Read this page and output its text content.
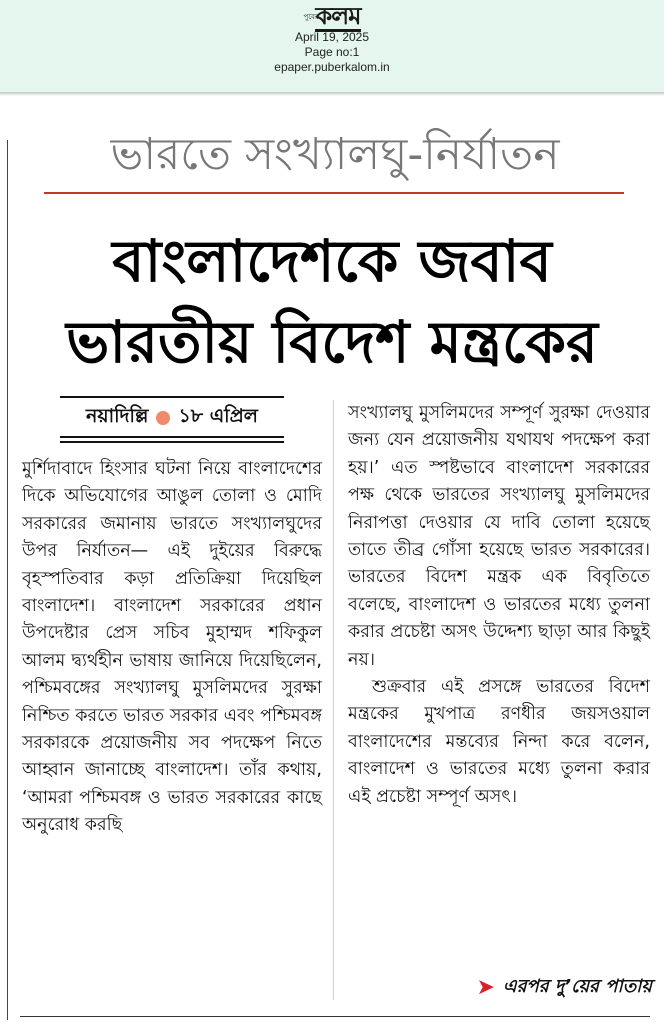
পুবের
কলম
April 19, 2025
Page no:1
epaper.puberkalom.in
ভারতে সংখ্যালঘু-নির্যাতন
বাংলাদেশকে জবাব
ভারতীয় বিদেশ মন্ত্রকের
নয়াদিল্লি ১৮ এপ্রিল

মুর্শিদাবাদে হিংসার ঘটনা নিয়ে বাংলাদেশের দিকে অভিযোগের আঙুল তোলা ও মোদি সরকারের জমানায় ভারতে সংখ্যালঘুদের উপর নির্যাতন— এই দুইয়ের বিরুদ্ধে বৃহস্পতিবার কড়া প্রতিক্রিয়া দিয়েছিল বাংলাদেশ। বাংলাদেশ সরকারের প্রধান উপদেষ্টার প্রেস সচিব মুহাম্মদ শফিকুল আলম দ্ব্যর্থহীন ভাষায় জানিয়ে দিয়েছিলেন, পশ্চিমবঙ্গের সংখ্যালঘু মুসলিমদের সুরক্ষা নিশ্চিত করতে ভারত সরকার এবং পশ্চিমবঙ্গ সরকারকে প্রয়োজনীয় সব পদক্ষেপ নিতে আহ্বান জানাচ্ছে বাংলাদেশ। তাঁর কথায়, ‘আমরা পশ্চিমবঙ্গ ও ভারত সরকারের কাছে অনুরোধ করছি

সংখ্যালঘু মুসলিমদের সম্পূর্ণ সুরক্ষা দেওয়ার জন্য যেন প্রয়োজনীয় যথাযথ পদক্ষেপ করা হয়।’ এত স্পষ্টভাবে বাংলাদেশ সরকারের পক্ষ থেকে ভারতের সংখ্যালঘু মুসলিমদের নিরাপত্তা দেওয়ার যে দাবি তোলা হয়েছে তাতে তীব্র গোঁসা হয়েছে ভারত সরকারের। ভারতের বিদেশ মন্ত্রক এক বিবৃতিতে বলেছে, বাংলাদেশ ও ভারতের মধ্যে তুলনা করার প্রচেষ্টা অসৎ উদ্দেশ্য ছাড়া আর কিছুই নয়।

শুক্রবার এই প্রসঙ্গে ভারতের বিদেশ মন্ত্রকের মুখপাত্র রণধীর জয়সওয়াল বাংলাদেশের মন্তব্যের নিন্দা করে বলেন, বাংলাদেশ ও ভারতের মধ্যে তুলনা করার এই প্রচেষ্টা সম্পূর্ণ অসৎ।

➤ এরপর দু’য়ের পাতায়
